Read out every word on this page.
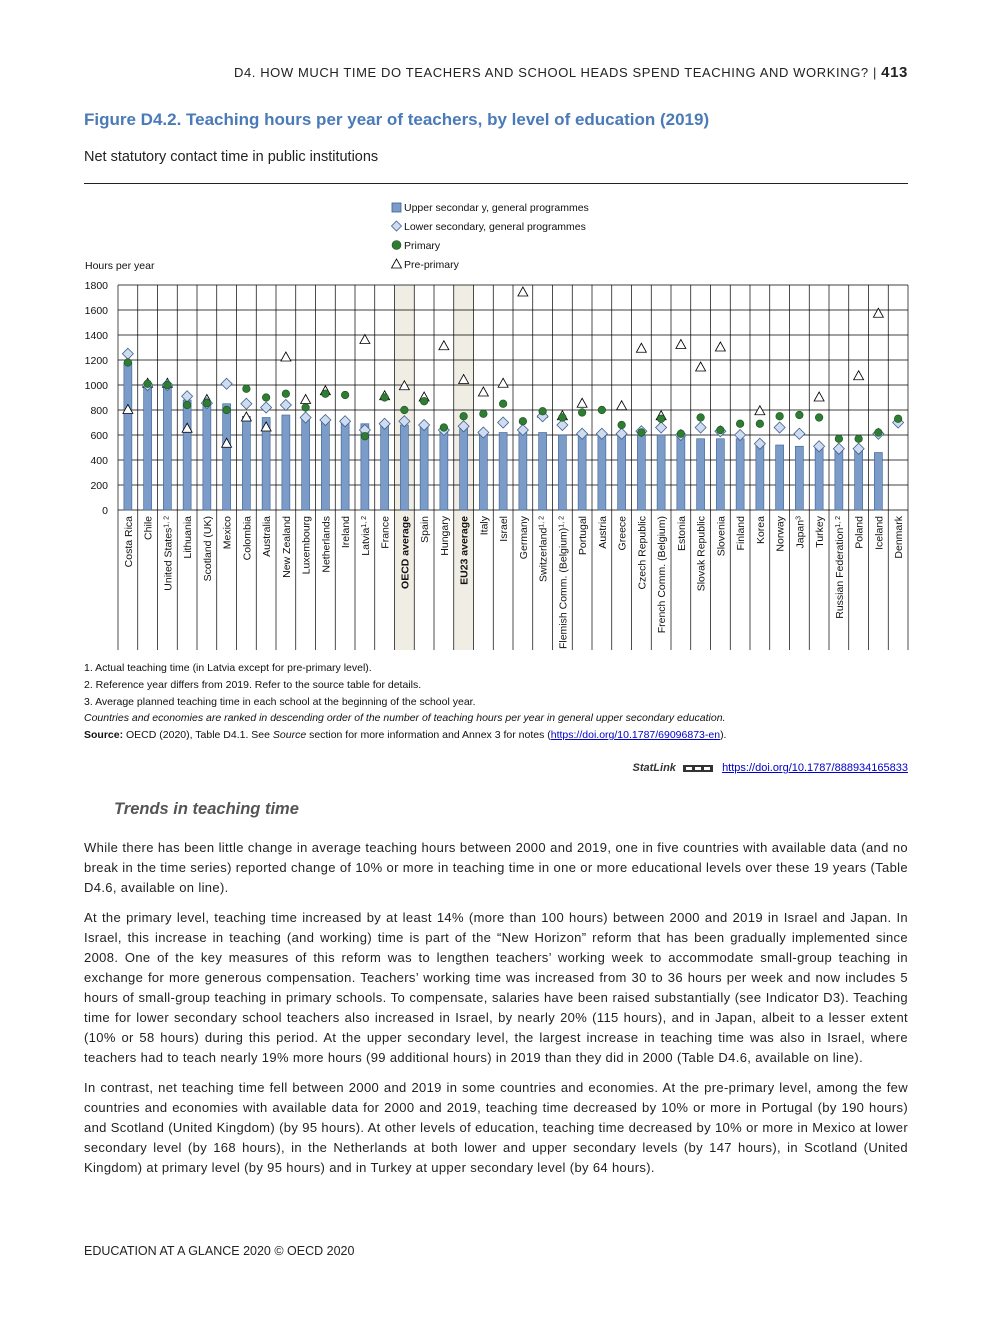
D4. HOW MUCH TIME DO TEACHERS AND SCHOOL HEADS SPEND TEACHING AND WORKING? | 413
Figure D4.2. Teaching hours per year of teachers, by level of education (2019)
Net statutory contact time in public institutions
0
200
400
600
800
1000
1200
1400
1600
1800
Hours per year
Upper secondar y, general programmes
Lower secondary, general programmes
Primary
Pre-primary
Costa Rica Chile United States$^{1, 2}$	Lithuania Scotland (UK) Mexico Colombia Australia New Zealand Luxembourg Netherlands Ireland Latvia$^{1, 2}$	France OECD average Spain Hungary EU23 average Italy Israel Germany Switzerland$^{1, 2}$
Flemish Comm. (Belgium)$^{1, 2}$	Portugal Austria Greece Czech Republic French Comm. (Belgium) Estonia Slovak Republic Slovenia Finland Korea Norway Japan$^3$	Turkey Russian Federation$^{1, 2}$	Poland Iceland Denmark
1. Actual teaching time (in Latvia except for pre-primary level).
2. Reference year differs from 2019. Refer to the source table for details.
3. Average planned teaching time in each school at the beginning of the school year.
Countries and economies are ranked in descending order of the number of teaching hours per year in general upper secondary education.
Source: OECD (2020), Table D4.1. See Source section for more information and Annex 3 for notes (https://doi.org/10.1787/69096873-en).
StatLink	https://doi.org/10.1787/888934165833
Trends in teaching time

While there has been little change in average teaching hours between 2000 and 2019, one in five countries with available data (and no break in the time series) reported change of 10% or more in teaching time in one or more educational levels over these 19 years (Table D4.6, available on line).

At the primary level, teaching time increased by at least 14% (more than 100 hours) between 2000 and 2019 in Israel and Japan. In Israel, this increase in teaching (and working) time is part of the “New Horizon” reform that has been gradually implemented since 2008. One of the key measures of this reform was to lengthen teachers’ working week to accommodate small-group teaching in exchange for more generous compensation. Teachers’ working time was increased from 30 to 36 hours per week and now includes 5 hours of small-group teaching in primary schools. To compensate, salaries have been raised substantially (see Indicator D3). Teaching time for lower secondary school teachers also increased in Israel, by nearly 20% (115 hours), and in Japan, albeit to a lesser extent (10% or 58 hours) during this period. At the upper secondary level, the largest increase in teaching time was also in Israel, where teachers had to teach nearly 19% more hours (99 additional hours) in 2019 than they did in 2000 (Table D4.6, available on line).

In contrast, net teaching time fell between 2000 and 2019 in some countries and economies. At the pre-primary level, among the few countries and economies with available data for 2000 and 2019, teaching time decreased by 10% or more in Portugal (by 190 hours) and Scotland (United Kingdom) (by 95 hours). At other levels of education, teaching time decreased by 10% or more in Mexico at lower secondary level (by 168 hours), in the Netherlands at both lower and upper secondary levels (by 147 hours), in Scotland (United Kingdom) at primary level (by 95 hours) and in Turkey at upper secondary level (by 64 hours).

EDUCATION AT A GLANCE 2020 © OECD 2020
